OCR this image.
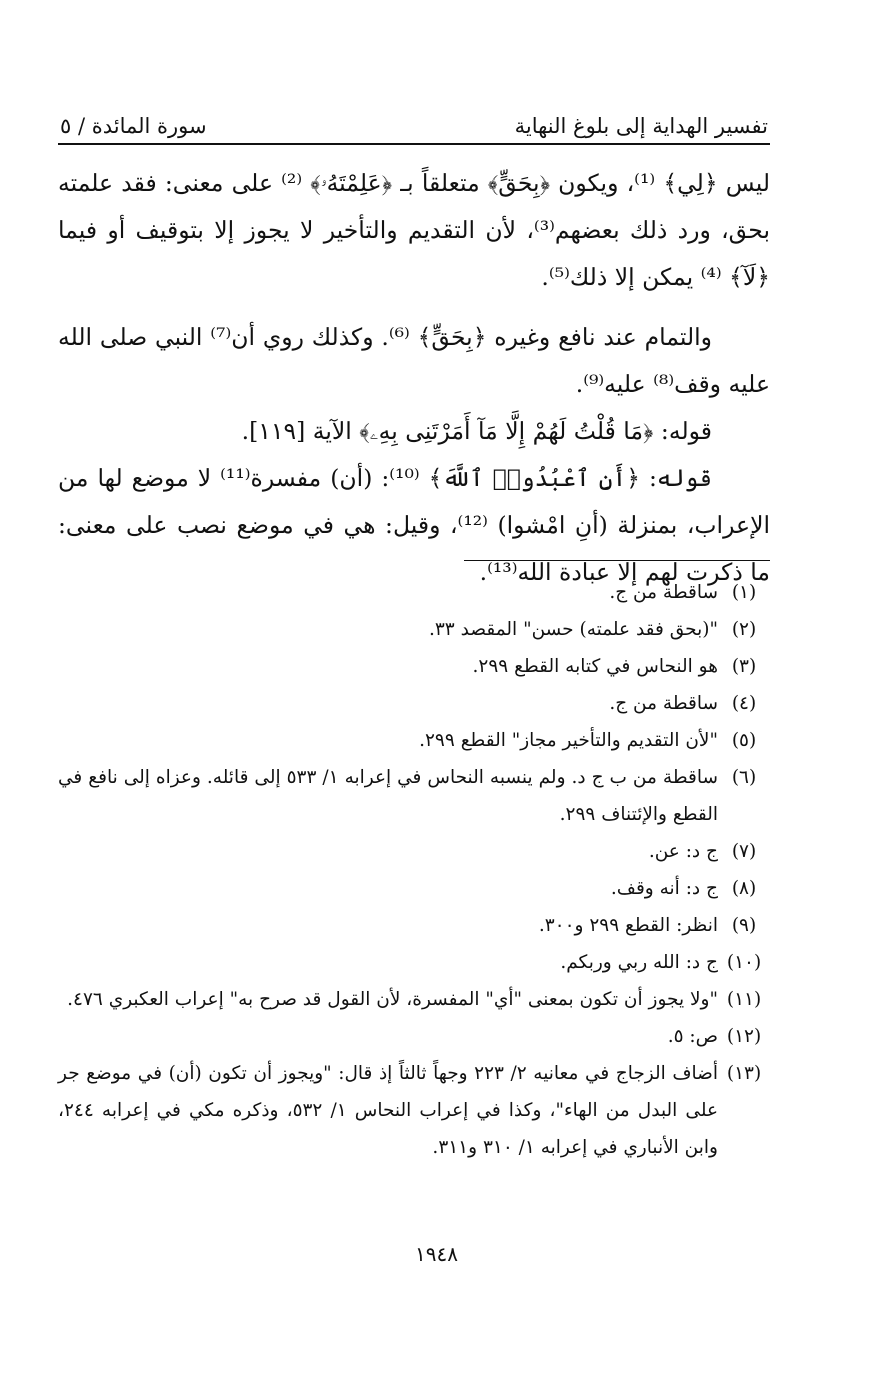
تفسير الهداية إلى بلوغ النهاية
سورة المائدة / ٥

ليس ﴿لِي﴾ ⁽¹⁾، ويكون ﴿بِحَقٍّ﴾ متعلقاً بـ ﴿عَلِمْتَهُۥ﴾ ⁽²⁾ على معنى: فقد علمته بحق، ورد ذلك بعضهم⁽³⁾، لأن التقديم والتأخير لا يجوز إلا بتوقيف أو فيما ﴿لَآ﴾ ⁽⁴⁾ يمكن إلا ذلك⁽⁵⁾.

والتمام عند نافع وغيره ﴿بِحَقٍّ﴾ ⁽⁶⁾. وكذلك روي أن⁽⁷⁾ النبي صلى الله عليه وقف⁽⁸⁾ عليه⁽⁹⁾.

قوله: ﴿مَا قُلْتُ لَهُمْ إِلَّا مَآ أَمَرْتَنِى بِهِۦ﴾ الآية [١١٩].

قوله: ﴿أَنِ ٱعْبُدُوا۟ ٱللَّهَ﴾ ⁽¹⁰⁾: (أن) مفسرة⁽¹¹⁾ لا موضع لها من الإعراب، بمنزلة (أنِ امْشوا) ⁽¹²⁾، وقيل: هي في موضع نصب على معنى: ما ذكرت لهم إلا عبادة الله⁽¹³⁾.

(١)
ساقطة من ج.
(٢)
"(بحق فقد علمته) حسن" المقصد ٣٣.
(٣)
هو النحاس في كتابه القطع ٢٩٩.
(٤)
ساقطة من ج.
(٥)
"لأن التقديم والتأخير مجاز" القطع ٢٩٩.
(٦)
ساقطة من ب ج د. ولم ينسبه النحاس في إعرابه ١/ ٥٣٣ إلى قائله. وعزاه إلى نافع في القطع والإئتناف ٢٩٩.
(٧)
ج د: عن.
(٨)
ج د: أنه وقف.
(٩)
انظر: القطع ٢٩٩ و٣٠٠.
(١٠)
ج د: الله ربي وربكم.
(١١)
"ولا يجوز أن تكون بمعنى "أي" المفسرة، لأن القول قد صرح به" إعراب العكبري ٤٧٦.
(١٢)
ص: ٥.
(١٣)
أضاف الزجاج في معانيه ٢/ ٢٢٣ وجهاً ثالثاً إذ قال: "ويجوز أن تكون (أن) في موضع جر على البدل من الهاء"، وكذا في إعراب النحاس ١/ ٥٣٢، وذكره مكي في إعرابه ٢٤٤، وابن الأنباري في إعرابه ١/ ٣١٠ و٣١١.
١٩٤٨
